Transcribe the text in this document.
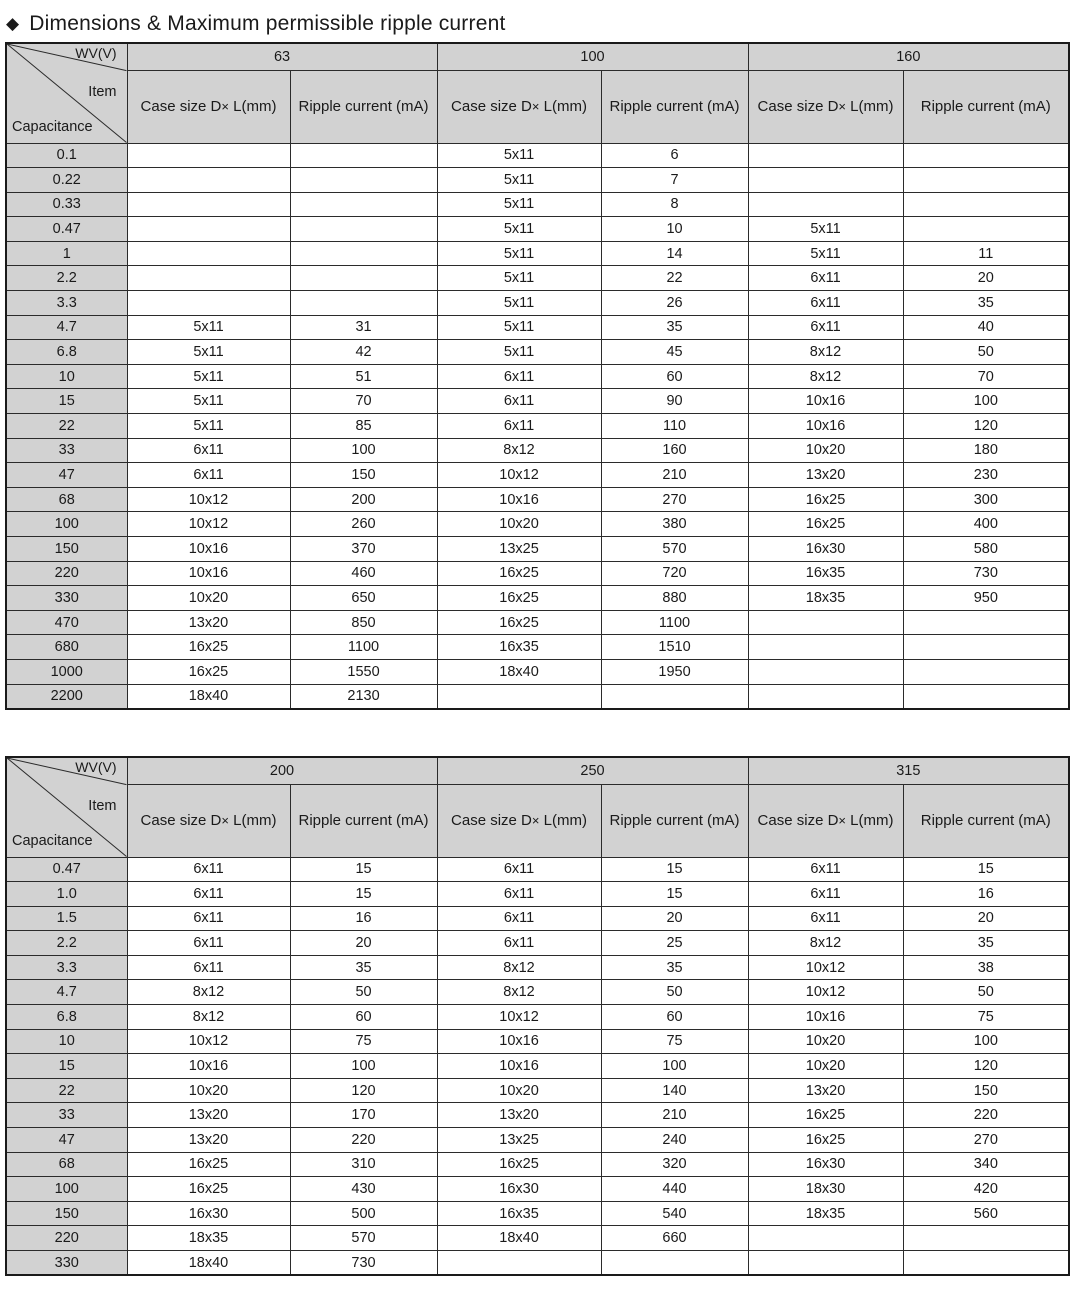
◆ Dimensions & Maximum permissible ripple current
WV(V)
Item
Capacitance	63		100		160	
	Case size D× L(mm)	Ripple current (mA)	Case size D× L(mm)	Ripple current (mA)	Case size D× L(mm)	Ripple current (mA)
0.1			5x11	6		
0.22			5x11	7		
0.33			5x11	8		
0.47			5x11	10	5x11	
1			5x11	14	5x11	11
2.2			5x11	22	6x11	20
3.3			5x11	26	6x11	35
4.7	5x11	31	5x11	35	6x11	40
6.8	5x11	42	5x11	45	8x12	50
10	5x11	51	6x11	60	8x12	70
15	5x11	70	6x11	90	10x16	100
22	5x11	85	6x11	110	10x16	120
33	6x11	100	8x12	160	10x20	180
47	6x11	150	10x12	210	13x20	230
68	10x12	200	10x16	270	16x25	300
100	10x12	260	10x20	380	16x25	400
150	10x16	370	13x25	570	16x30	580
220	10x16	460	16x25	720	16x35	730
330	10x20	650	16x25	880	18x35	950
470	13x20	850	16x25	1100		
680	16x25	1100	16x35	1510		
1000	16x25	1550	18x40	1950		
2200	18x40	2130				
WV(V)
Item
Capacitance	200		250		315	
	Case size D× L(mm)	Ripple current (mA)	Case size D× L(mm)	Ripple current (mA)	Case size D× L(mm)	Ripple current (mA)
0.47	6x11	15	6x11	15	6x11	15
1.0	6x11	15	6x11	15	6x11	16
1.5	6x11	16	6x11	20	6x11	20
2.2	6x11	20	6x11	25	8x12	35
3.3	6x11	35	8x12	35	10x12	38
4.7	8x12	50	8x12	50	10x12	50
6.8	8x12	60	10x12	60	10x16	75
10	10x12	75	10x16	75	10x20	100
15	10x16	100	10x16	100	10x20	120
22	10x20	120	10x20	140	13x20	150
33	13x20	170	13x20	210	16x25	220
47	13x20	220	13x25	240	16x25	270
68	16x25	310	16x25	320	16x30	340
100	16x25	430	16x30	440	18x30	420
150	16x30	500	16x35	540	18x35	560
220	18x35	570	18x40	660		
330	18x40	730				
